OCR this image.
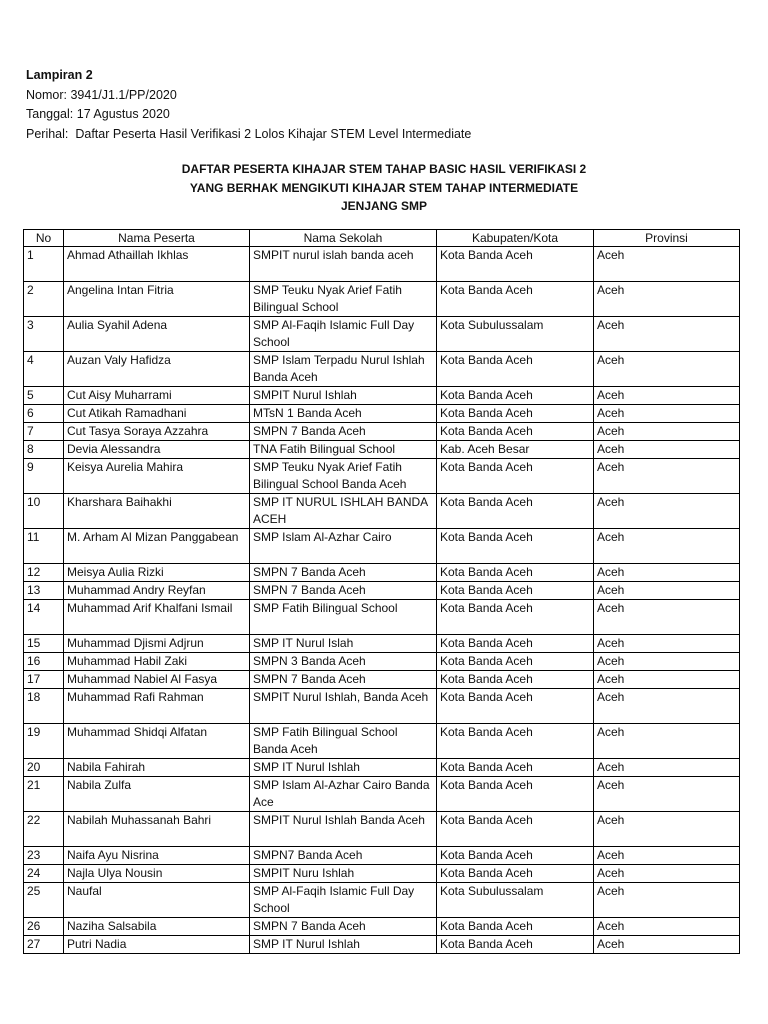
Lampiran 2
Nomor: 3941/J1.1/PP/2020
Tanggal: 17 Agustus 2020
Perihal: Daftar Peserta Hasil Verifikasi 2 Lolos Kihajar STEM Level Intermediate
DAFTAR PESERTA KIHAJAR STEM TAHAP BASIC HASIL VERIFIKASI 2
YANG BERHAK MENGIKUTI KIHAJAR STEM TAHAP INTERMEDIATE
JENJANG SMP
No	Nama Peserta	Nama Sekolah	Kabupaten/Kota	Provinsi
1	Ahmad Athaillah Ikhlas	SMPIT nurul islah banda aceh	Kota Banda Aceh	Aceh
2	Angelina Intan Fitria	SMP Teuku Nyak Arief Fatih Bilingual School	Kota Banda Aceh	Aceh
3	Aulia Syahil Adena	SMP Al-Faqih Islamic Full Day School	Kota Subulussalam	Aceh
4	Auzan Valy Hafidza	SMP Islam Terpadu Nurul Ishlah Banda Aceh	Kota Banda Aceh	Aceh
5	Cut Aisy Muharrami	SMPIT Nurul Ishlah	Kota Banda Aceh	Aceh
6	Cut Atikah Ramadhani	MTsN 1 Banda Aceh	Kota Banda Aceh	Aceh
7	Cut Tasya Soraya Azzahra	SMPN 7 Banda Aceh	Kota Banda Aceh	Aceh
8	Devia Alessandra	TNA Fatih Bilingual School	Kab. Aceh Besar	Aceh
9	Keisya Aurelia Mahira	SMP Teuku Nyak Arief Fatih Bilingual School Banda Aceh	Kota Banda Aceh	Aceh
10	Kharshara Baihakhi	SMP IT NURUL ISHLAH BANDA ACEH	Kota Banda Aceh	Aceh
11	M. Arham Al Mizan Panggabean	SMP Islam Al-Azhar Cairo	Kota Banda Aceh	Aceh
12	Meisya Aulia Rizki	SMPN 7 Banda Aceh	Kota Banda Aceh	Aceh
13	Muhammad Andry Reyfan	SMPN 7 Banda Aceh	Kota Banda Aceh	Aceh
14	Muhammad Arif Khalfani Ismail	SMP Fatih Bilingual School	Kota Banda Aceh	Aceh
15	Muhammad Djismi Adjrun	SMP IT Nurul Islah	Kota Banda Aceh	Aceh
16	Muhammad Habil Zaki	SMPN 3 Banda Aceh	Kota Banda Aceh	Aceh
17	Muhammad Nabiel Al Fasya	SMPN 7 Banda Aceh	Kota Banda Aceh	Aceh
18	Muhammad Rafi Rahman	SMPIT Nurul Ishlah, Banda Aceh	Kota Banda Aceh	Aceh
19	Muhammad Shidqi Alfatan	SMP Fatih Bilingual School Banda Aceh	Kota Banda Aceh	Aceh
20	Nabila Fahirah	SMP IT Nurul Ishlah	Kota Banda Aceh	Aceh
21	Nabila Zulfa	SMP Islam Al-Azhar Cairo Banda Ace	Kota Banda Aceh	Aceh
22	Nabilah Muhassanah Bahri	SMPIT Nurul Ishlah Banda Aceh	Kota Banda Aceh	Aceh
23	Naifa Ayu Nisrina	SMPN7 Banda Aceh	Kota Banda Aceh	Aceh
24	Najla Ulya Nousin	SMPIT Nuru Ishlah	Kota Banda Aceh	Aceh
25	Naufal	SMP Al-Faqih Islamic Full Day School	Kota Subulussalam	Aceh
26	Naziha Salsabila	SMPN 7 Banda Aceh	Kota Banda Aceh	Aceh
27	Putri Nadia	SMP IT Nurul Ishlah	Kota Banda Aceh	Aceh
